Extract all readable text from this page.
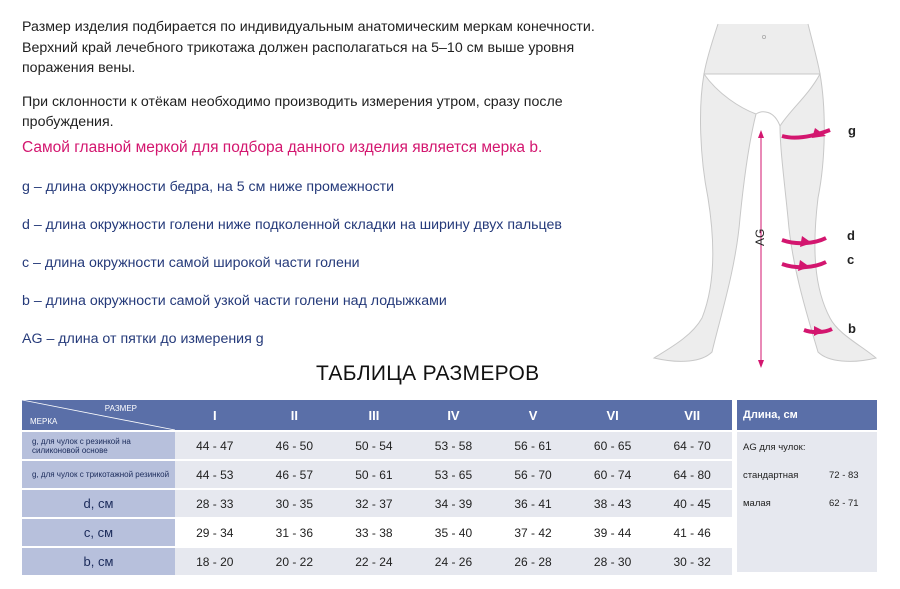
Размер изделия подбирается по индивидуальным анатомическим меркам конечности.

Верхний край лечебного трикотажа должен располагаться на 5–10 см выше уровня

поражения вены.

При склонности к отёкам необходимо производить измерения утром, сразу после

пробуждения.

Самой главной меркой для подбора данного изделия является мерка b.

g – длина окружности бедра, на 5 см ниже промежности

d – длина окружности голени ниже подколенной складки на ширину двух пальцев

c – длина окружности самой широкой части голени

b – длина окружности самой узкой части голени над лодыжками

AG – длина от пятки до измерения g

g
d
c
b
AG
ТАБЛИЦА РАЗМЕРОВ
РАЗМЕР
МЕРКА	I	II	III	IV	V	VI	VII
g, для чулок с резинкой на силиконовой основе	44 - 47	46 - 50	50 - 54	53 - 58	56 - 61	60 - 65	64 - 70
g, для чулок с трикотажной резинкой	44 - 53	46 - 57	50 - 61	53 - 65	56 - 70	60 - 74	64 - 80
d, см	28 - 33	30 - 35	32 - 37	34 - 39	36 - 41	38 - 43	40 - 45
c, см	29 - 34	31 - 36	33 - 38	35 - 40	37 - 42	39 - 44	41 - 46
b, см	18 - 20	20 - 22	22 - 24	24 - 26	26 - 28	28 - 30	30 - 32
Длина, см
AG для чулок:
стандартная	72 - 83
малая	62 - 71
